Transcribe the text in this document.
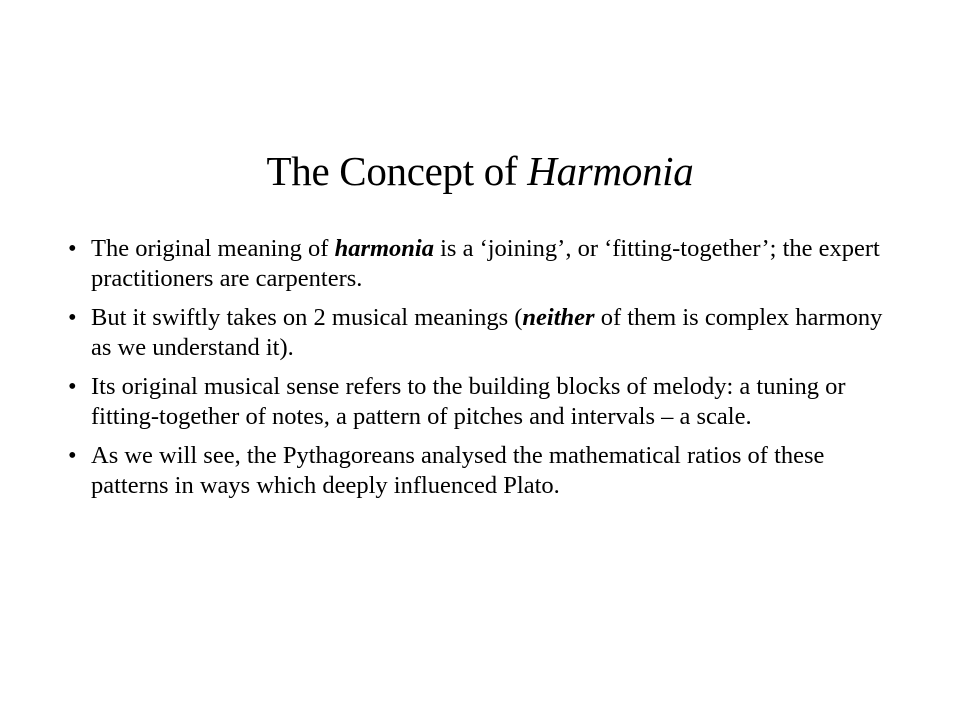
The Concept of Harmonia
• The original meaning of harmonia is a ‘joining’, or ‘fitting-together’; the expert practitioners are carpenters.
• But it swiftly takes on 2 musical meanings (neither of them is complex harmony as we understand it).
• Its original musical sense refers to the building blocks of melody: a tuning or fitting-together of notes, a pattern of pitches and intervals – a scale.
• As we will see, the Pythagoreans analysed the mathematical ratios of these patterns in ways which deeply influenced Plato.
